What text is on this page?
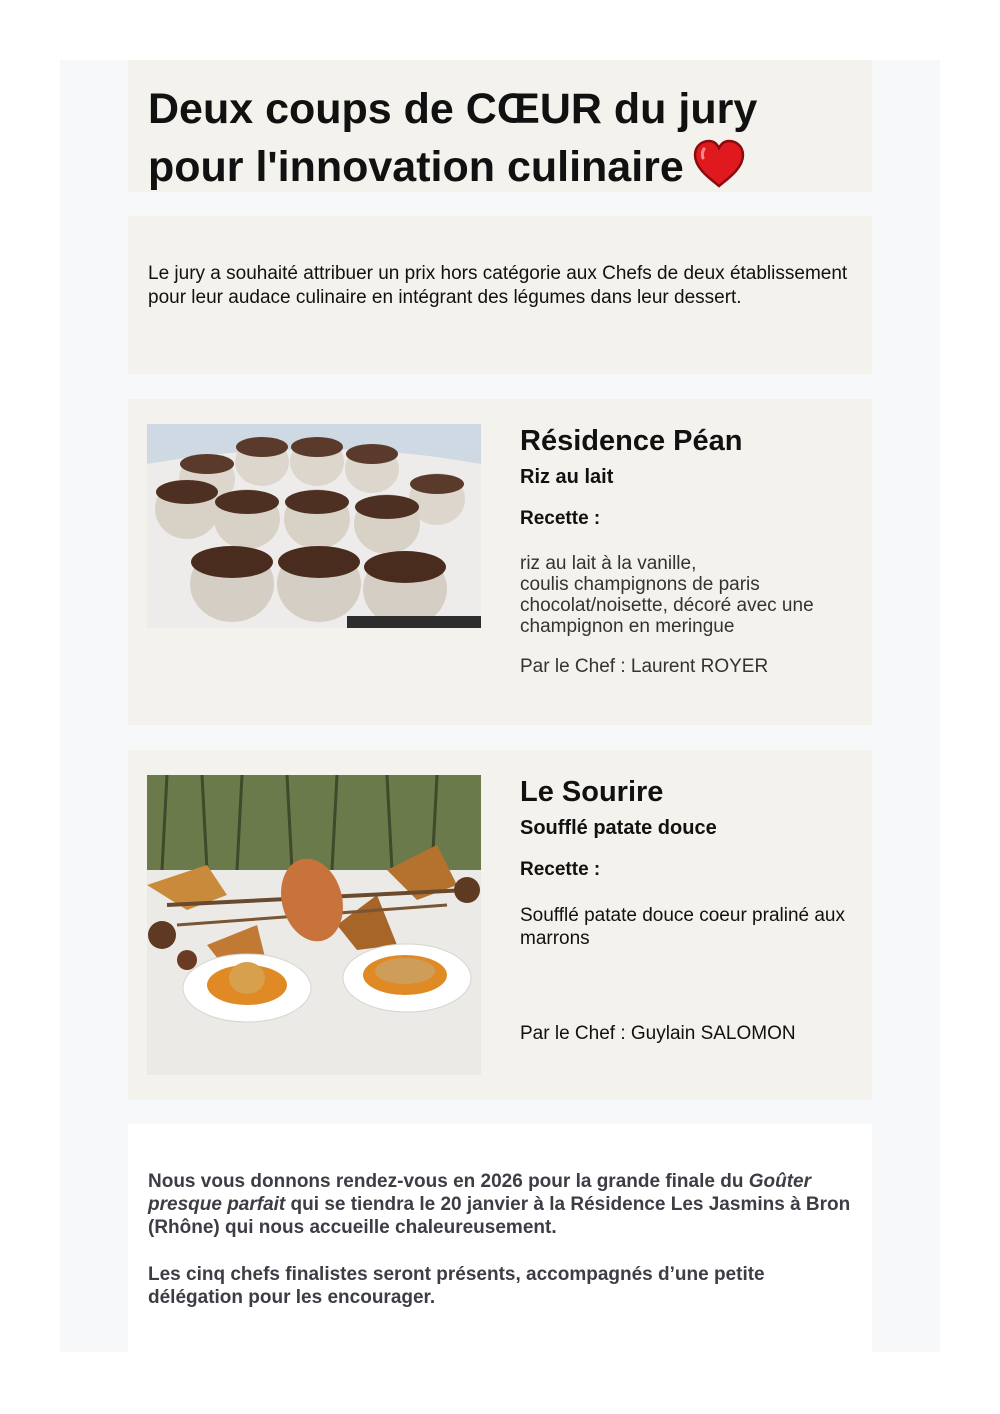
Deux coups de CŒUR du jury pour l'innovation culinaire

Le jury a souhaité attribuer un prix hors catégorie aux Chefs de deux établissement pour leur audace culinaire en intégrant des légumes dans leur dessert.

Résidence Péan

Riz au lait

Recette :

riz au lait à la vanille,
coulis champignons de paris chocolat/noisette, décoré avec une champignon en meringue

Par le Chef : Laurent ROYER

Le Sourire

Soufflé patate douce

Recette :

Soufflé patate douce coeur praliné aux marrons

Par le Chef : Guylain SALOMON

Nous vous donnons rendez-vous en 2026 pour la grande finale du Goûter presque parfait qui se tiendra le 20 janvier à la Résidence Les Jasmins à Bron (Rhône) qui nous accueille chaleureusement.

Les cinq chefs finalistes seront présents, accompagnés d’une petite délégation pour les encourager.
